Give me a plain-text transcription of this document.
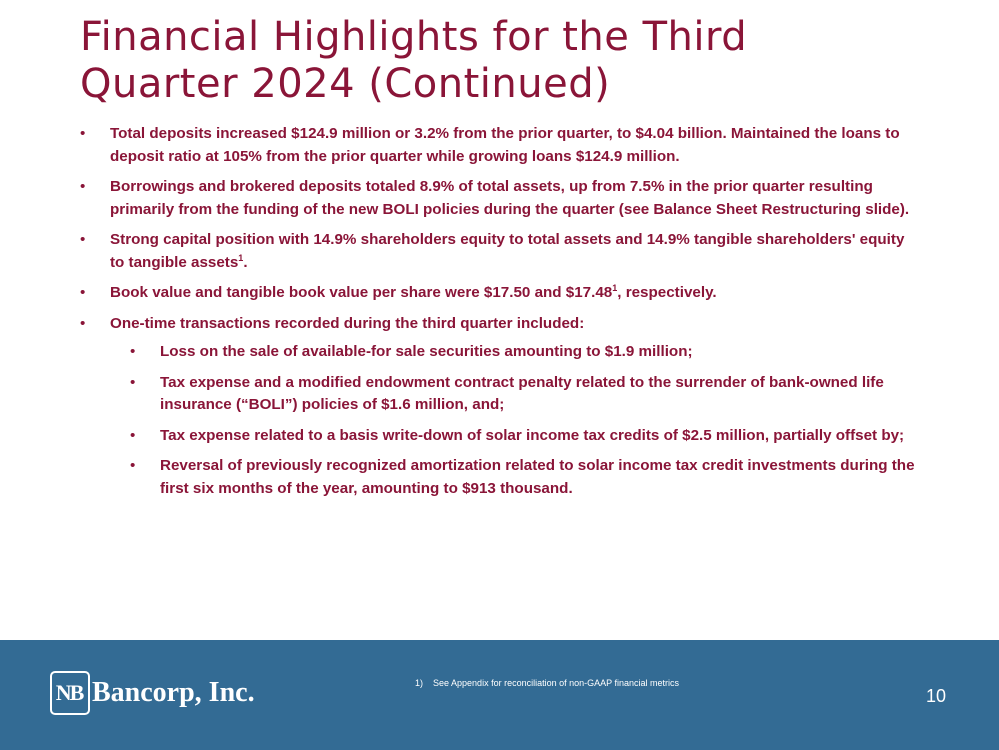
Financial Highlights for the Third
Quarter 2024 (Continued)
• Total deposits increased $124.9 million or 3.2% from the prior quarter, to $4.04 billion. Maintained the loans to deposit ratio at 105% from the prior quarter while growing loans $124.9 million.
• Borrowings and brokered deposits totaled 8.9% of total assets, up from 7.5% in the prior quarter resulting primarily from the funding of the new BOLI policies during the quarter (see Balance Sheet Restructuring slide).
• Strong capital position with 14.9% shareholders equity to total assets and 14.9% tangible shareholders' equity to tangible assets$^1$.
• Book value and tangible book value per share were $17.50 and $17.48$^1$, respectively.
• One-time transactions recorded during the third quarter included:
• Loss on the sale of available-for sale securities amounting to $1.9 million;
• Tax expense and a modified endowment contract penalty related to the surrender of bank-owned life insurance (“BOLI”) policies of $1.6 million, and;
• Tax expense related to a basis write-down of solar income tax credits of $2.5 million, partially offset by;
• Reversal of previously recognized amortization related to solar income tax credit investments during the first six months of the year, amounting to $913 thousand.
NB Bancorp, Inc.	1) See Appendix for reconciliation of non-GAAP financial metrics
10
